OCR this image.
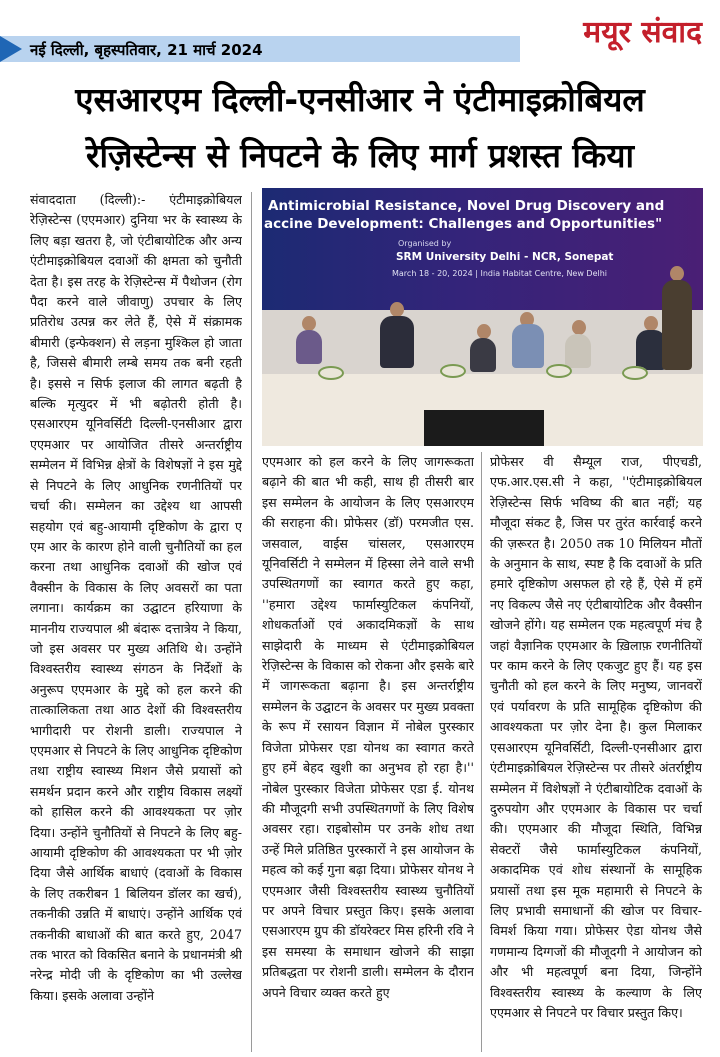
नई दिल्ली, बृहस्पतिवार, 21 मार्च 2024	मयूर संवाद
एसआरएम दिल्ली-एनसीआर ने एंटीमाइक्रोबियल
रेज़िस्टेन्स से निपटने के लिए मार्ग प्रशस्त किया

संवाददाता (दिल्ली):- एंटीमाइक्रोबियल रेज़िस्टेन्स (एएमआर) दुनिया भर के स्वास्थ्य के लिए बड़ा खतरा है, जो एंटीबायोटिक और अन्य एंटीमाइक्रोबियल दवाओं की क्षमता को चुनौती देता है। इस तरह के रेज़िस्टेन्स में पैथोजन (रोग पैदा करने वाले जीवाणु) उपचार के लिए प्रतिरोध उत्पन्न कर लेते हैं, ऐसे में संक्रामक बीमारी (इन्फेक्शन) से लड़ना मुश्किल हो जाता है, जिससे बीमारी लम्बे समय तक बनी रहती है। इससे न सिर्फ इलाज की लागत बढ़ती है बल्कि मृत्युदर में भी बढ़ोतरी होती है। एसआरएम यूनिवर्सिटी दिल्ली-एनसीआर द्वारा एएमआर पर आयोजित तीसरे अन्तर्राष्ट्रीय सम्मेलन में विभिन्न क्षेत्रों के विशेषज्ञों ने इस मुद्दे से निपटने के लिए आधुनिक रणनीतियों पर चर्चा की। सम्मेलन का उद्देश्य था आपसी सहयोग एवं बहु-आयामी दृष्टिकोण के द्वारा ए एम आर के कारण होने वाली चुनौतियों का हल करना तथा आधुनिक दवाओं की खोज एवं वैक्सीन के विकास के लिए अवसरों का पता लगाना। कार्यक्रम का उद्घाटन हरियाणा के माननीय राज्यपाल श्री बंदारू दत्तात्रेय ने किया, जो इस अवसर पर मुख्य अतिथि थे। उन्होंने विश्वस्तरीय स्वास्थ्य संगठन के निर्देशों के अनुरूप एएमआर के मुद्दे को हल करने की तात्कालिकता तथा आठ देशों की विश्वस्तरीय भागीदारी पर रोशनी डाली। राज्यपाल ने एएमआर से निपटने के लिए आधुनिक दृष्टिकोण तथा राष्ट्रीय स्वास्थ्य मिशन जैसे प्रयासों को समर्थन प्रदान करने और राष्ट्रीय विकास लक्ष्यों को हासिल करने की आवश्यकता पर ज़ोर दिया। उन्होंने चुनौतियों से निपटने के लिए बहु-आयामी दृष्टिकोण की आवश्यकता पर भी ज़ोर दिया जैसे आर्थिक बाधाएं (दवाओं के विकास के लिए तकरीबन 1 बिलियन डॉलर का खर्च), तकनीकी उन्नति में बाधाएं। उन्होंने आर्थिक एवं तकनीकी बाधाओं की बात करते हुए, 2047 तक भारत को विकसित बनाने के प्रधानमंत्री श्री नरेन्द्र मोदी जी के दृष्टिकोण का भी उल्लेख किया। इसके अलावा उन्होंने

Antimicrobial Resistance, Novel Drug Discovery and
accine Development: Challenges and Opportunities"
Organised by
SRM University Delhi - NCR, Sonepat
March 18 - 20, 2024 | India Habitat Centre, New Delhi

एएमआर को हल करने के लिए जागरूकता बढ़ाने की बात भी कही, साथ ही तीसरी बार इस सम्मेलन के आयोजन के लिए एसआरएम की सराहना की। प्रोफेसर (डॉ) परमजीत एस. जसवाल, वाईस चांसलर, एसआरएम यूनिवर्सिटी ने सम्मेलन में हिस्सा लेने वाले सभी उपस्थितगणों का स्वागत करते हुए कहा, ''हमारा उद्देश्य फार्मास्युटिकल कंपनियों, शोधकर्ताओं एवं अकादमिकज्ञों के साथ साझेदारी के माध्यम से एंटीमाइक्रोबियल रेज़िस्टेन्स के विकास को रोकना और इसके बारे में जागरूकता बढ़ाना है। इस अन्तर्राष्ट्रीय सम्मेलन के उद्घाटन के अवसर पर मुख्य प्रवक्ता के रूप में रसायन विज्ञान में नोबेल पुरस्कार विजेता प्रोफेसर एडा योनथ का स्वागत करते हुए हमें बेहद खुशी का अनुभव हो रहा है।'' नोबेल पुरस्कार विजेता प्रोफेसर एडा ई. योनथ की मौजूदगी सभी उपस्थितगणों के लिए विशेष अवसर रहा। राइबोसोम पर उनके शोध तथा उन्हें मिले प्रतिष्ठित पुरस्कारों ने इस आयोजन के महत्व को कई गुना बढ़ा दिया। प्रोफेसर योनथ ने एएमआर जैसी विश्वस्तरीय स्वास्थ्य चुनौतियों पर अपने विचार प्रस्तुत किए। इसके अलावा एसआरएम ग्रुप की डॉयरेक्टर मिस हरिनी रवि ने इस समस्या के समाधान खोजने की साझा प्रतिबद्धता पर रोशनी डाली। सम्मेलन के दौरान अपने विचार व्यक्त करते हुए

प्रोफेसर वी सैम्यूल राज, पीएचडी, एफ.आर.एस.सी ने कहा, ''एंटीमाइक्रोबियल रेज़िस्टेन्स सिर्फ भविष्य की बात नहीं; यह मौजूदा संकट है, जिस पर तुरंत कार्रवाई करने की ज़रूरत है। 2050 तक 10 मिलियन मौतों के अनुमान के साथ, स्पष्ट है कि दवाओं के प्रति हमारे दृष्टिकोण असफल हो रहे हैं, ऐसे में हमें नए विकल्प जैसे नए एंटीबायोटिक और वैक्सीन खोजने होंगे। यह सम्मेलन एक महत्वपूर्ण मंच है जहां वैज्ञानिक एएमआर के ख़िलाफ़ रणनीतियों पर काम करने के लिए एकजुट हुए हैं। यह इस चुनौती को हल करने के लिए मनुष्य, जानवरों एवं पर्यावरण के प्रति सामूहिक दृष्टिकोण की आवश्यकता पर ज़ोर देना है। कुल मिलाकर एसआरएम यूनिवर्सिटी, दिल्ली-एनसीआर द्वारा एंटीमाइक्रोबियल रेज़िस्टेन्स पर तीसरे अंतर्राष्ट्रीय सम्मेलन में विशेषज्ञों ने एंटीबायोटिक दवाओं के दुरुपयोग और एएमआर के विकास पर चर्चा की। एएमआर की मौजूदा स्थिति, विभिन्न सेक्टरों जैसे फार्मास्युटिकल कंपनियों, अकादमिक एवं शोध संस्थानों के सामूहिक प्रयासों तथा इस मूक महामारी से निपटने के लिए प्रभावी समाधानों की खोज पर विचार-विमर्श किया गया। प्रोफेसर ऐडा योनथ जैसे गणमान्य दिग्गजों की मौजूदगी ने आयोजन को और भी महत्वपूर्ण बना दिया, जिन्होंने विश्वस्तरीय स्वास्थ्य के कल्याण के लिए एएमआर से निपटने पर विचार प्रस्तुत किए।
